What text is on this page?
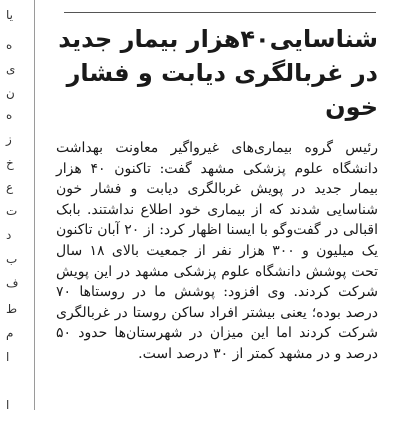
یا
ه
ی
ن
ه
ز
خ
ع
ت
د
ب
ف
ط
م
ا
ا
شناسایی۴۰هزار بیمار جدید
در غربالگری دیابت و فشار خون

رئیس گروه بیماری‌های غیرواگیر معاونت بهداشت دانشگاه علوم پزشکی مشهد گفت: تاکنون ۴۰ هزار بیمار جدید در پویش غربالگری دیابت و فشار خون شناسایی شدند که از بیماری خود اطلاع نداشتند. بابک اقبالی در گفت‌وگو با ایسنا اظهار کرد: از ۲۰ آبان تاکنون یک میلیون و ۳۰۰ هزار نفر از جمعیت بالای ۱۸ سال تحت پوشش دانشگاه علوم پزشکی مشهد در این پویش شرکت کردند. وی افزود: پوشش ما در روستاها ۷۰ درصد بوده؛ یعنی بیشتر افراد ساکن روستا در غربالگری شرکت کردند اما این میزان در شهرستان‌ها حدود ۵۰ درصد و در مشهد کمتر از ۳۰ درصد است.
